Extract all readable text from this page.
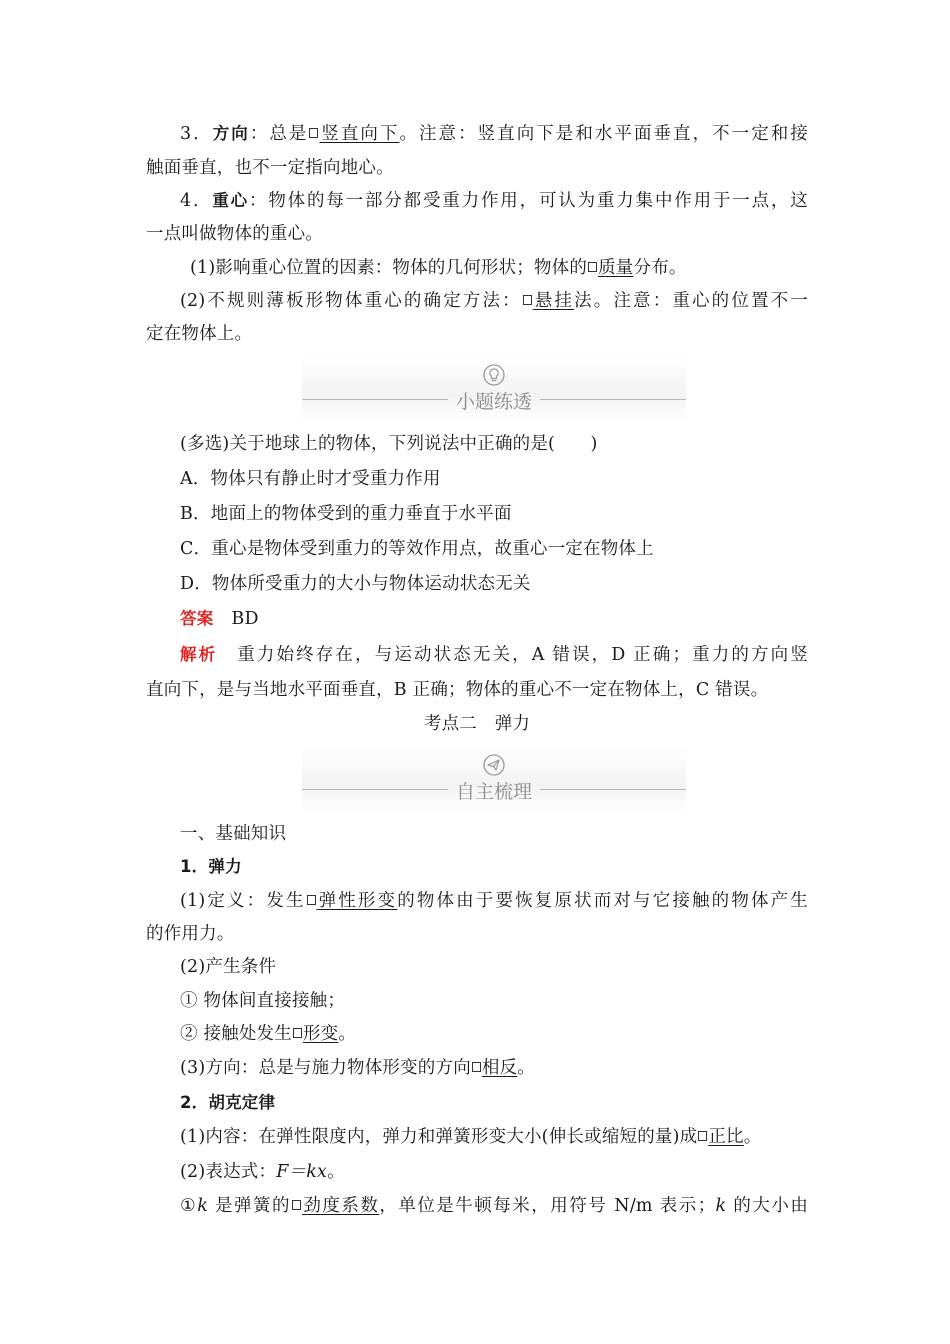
3．方向：总是 竖直向下。注意：竖直向下是和水平面垂直，不一定和接
触面垂直，也不一定指向地心。
4．重心：物体的每一部分都受重力作用，可认为重力集中作用于一点，这
一点叫做物体的重心。
(1)影响重心位置的因素：物体的几何形状；物体的 质量分布。
(2)不规则薄板形物体重心的确定方法： 悬挂法。注意：重心的位置不一
定在物体上。
小题练透
(多选)关于地球上的物体，下列说法中正确的是(　　)
A．物体只有静止时才受重力作用
B．地面上的物体受到的重力垂直于水平面
C．重心是物体受到重力的等效作用点，故重心一定在物体上
D．物体所受重力的大小与物体运动状态无关
答案 BD
解析 重力始终存在，与运动状态无关，A 错误，D 正确；重力的方向竖
直向下，是与当地水平面垂直，B 正确；物体的重心不一定在物体上，C 错误。
考点二　弹力
自主梳理
一、基础知识
1．弹力
(1)定义：发生 弹性形变的物体由于要恢复原状而对与它接触的物体产生
的作用力。
(2)产生条件
① 物体间直接接触；
② 接触处发生 形变。
(3)方向：总是与施力物体形变的方向 相反。
2．胡克定律
(1)内容：在弹性限度内，弹力和弹簧形变大小(伸长或缩短的量)成 正比。
(2)表达式：F＝kx。
①k 是弹簧的 劲度系数，单位是牛顿每米，用符号 N/m 表示；k 的大小由
